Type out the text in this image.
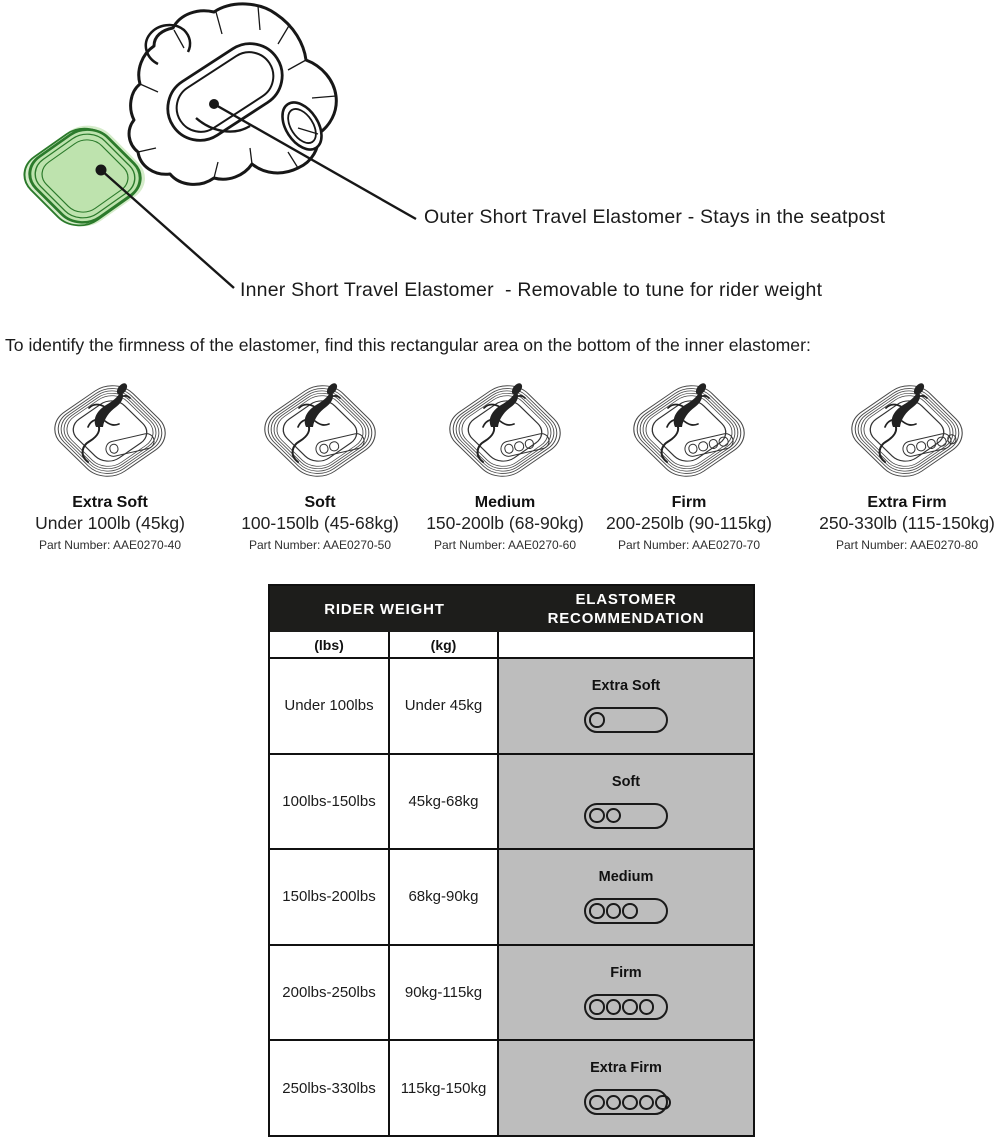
Outer Short Travel Elastomer - Stays in the seatpost
Inner Short Travel Elastomer  - Removable to tune for rider weight
To identify the firmness of the elastomer, find this rectangular area on the bottom of the inner elastomer:
Extra Soft
Under 100lb (45kg)
Part Number: AAE0270-40
Soft
100-150lb (45-68kg)
Part Number: AAE0270-50
Medium
150-200lb (68-90kg)
Part Number: AAE0270-60
Firm
200-250lb (90-115kg)
Part Number: AAE0270-70
Extra Firm
250-330lb (115-150kg)
Part Number: AAE0270-80
RIDER WEIGHT
ELASTOMER RECOMMENDATION
(lbs)	(kg)
Under 100lbs	Under 45kg
Extra Soft
100lbs-150lbs	45kg-68kg
Soft
150lbs-200lbs	68kg-90kg
Medium
200lbs-250lbs	90kg-115kg
Firm
250lbs-330lbs	115kg-150kg
Extra Firm
